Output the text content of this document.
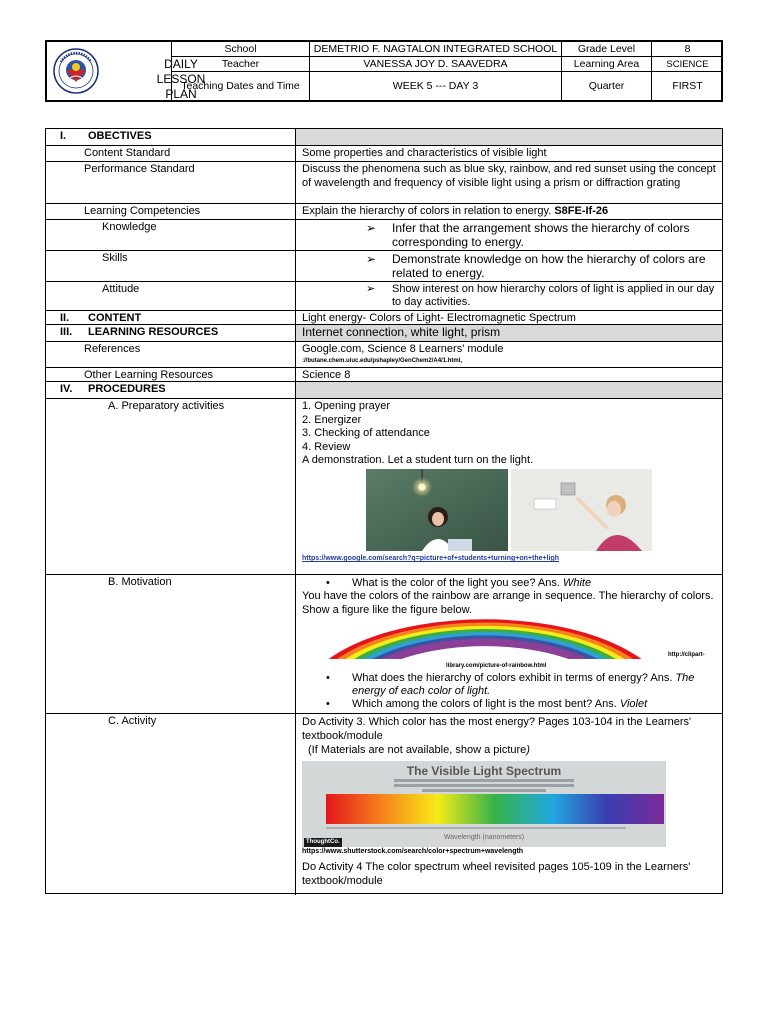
DAILY
LESSON
PLAN
School	DEMETRIO F. NAGTALON INTEGRATED SCHOOL	Grade Level	8
Teacher	VANESSA JOY D. SAAVEDRA	Learning Area	SCIENCE
Teaching Dates and Time	WEEK 5 --- DAY 3	Quarter	FIRST
I. OBECTIVES
Content Standard	Some properties and characteristics of visible light
Performance Standard	Discuss the phenomena such as blue sky, rainbow, and red sunset using the concept of wavelength and frequency of visible light using a prism or diffraction grating
Learning Competencies	Explain the hierarchy of colors in relation to energy. S8FE-If-26
Knowledge	➢	Infer that the arrangement shows the hierarchy of colors corresponding to energy.
Skills	➢	Demonstrate knowledge on how the hierarchy of colors are related to energy.
Attitude	➢	Show interest on how hierarchy colors of light is applied in our day to day activities.
II. CONTENT	Light energy- Colors of Light- Electromagnetic Spectrum
III. LEARNING RESOURCES	Internet connection, white light, prism
References	Google.com, Science 8 Learners' module
://butane.chem.uiuc.edu/pshapley/GenChem2/A4/1.html,
Other Learning Resources	Science 8
IV. PROCEDURES
A. Preparatory activities	1. Opening prayer
2. Energizer
3. Checking of attendance
4. Review
A demonstration. Let a student turn on the light.
https://www.google.com/search?q=picture+of+students+turning+on+the+ligh
B. Motivation	•	What is the color of the light you see? Ans. White
You have the colors of the rainbow are arrange in sequence. The hierarchy of colors. Show a figure like the figure below.
http://clipart-
library.com/picture-of-rainbow.html
•	What does the hierarchy of colors exhibit in terms of energy? Ans. The energy of each color of light.
•	Which among the colors of light is the most bent? Ans. Violet
C. Activity	Do Activity 3. Which color has the most energy? Pages 103-104 in the Learners' textbook/module
(If Materials are not available, show a picture)
The Visible Light Spectrum
Wavelength (nanometers)
ThoughtCo.
https://www.shutterstock.com/search/color+spectrum+wavelength
Do Activity 4 The color spectrum wheel revisited pages 105-109 in the Learners' textbook/module
